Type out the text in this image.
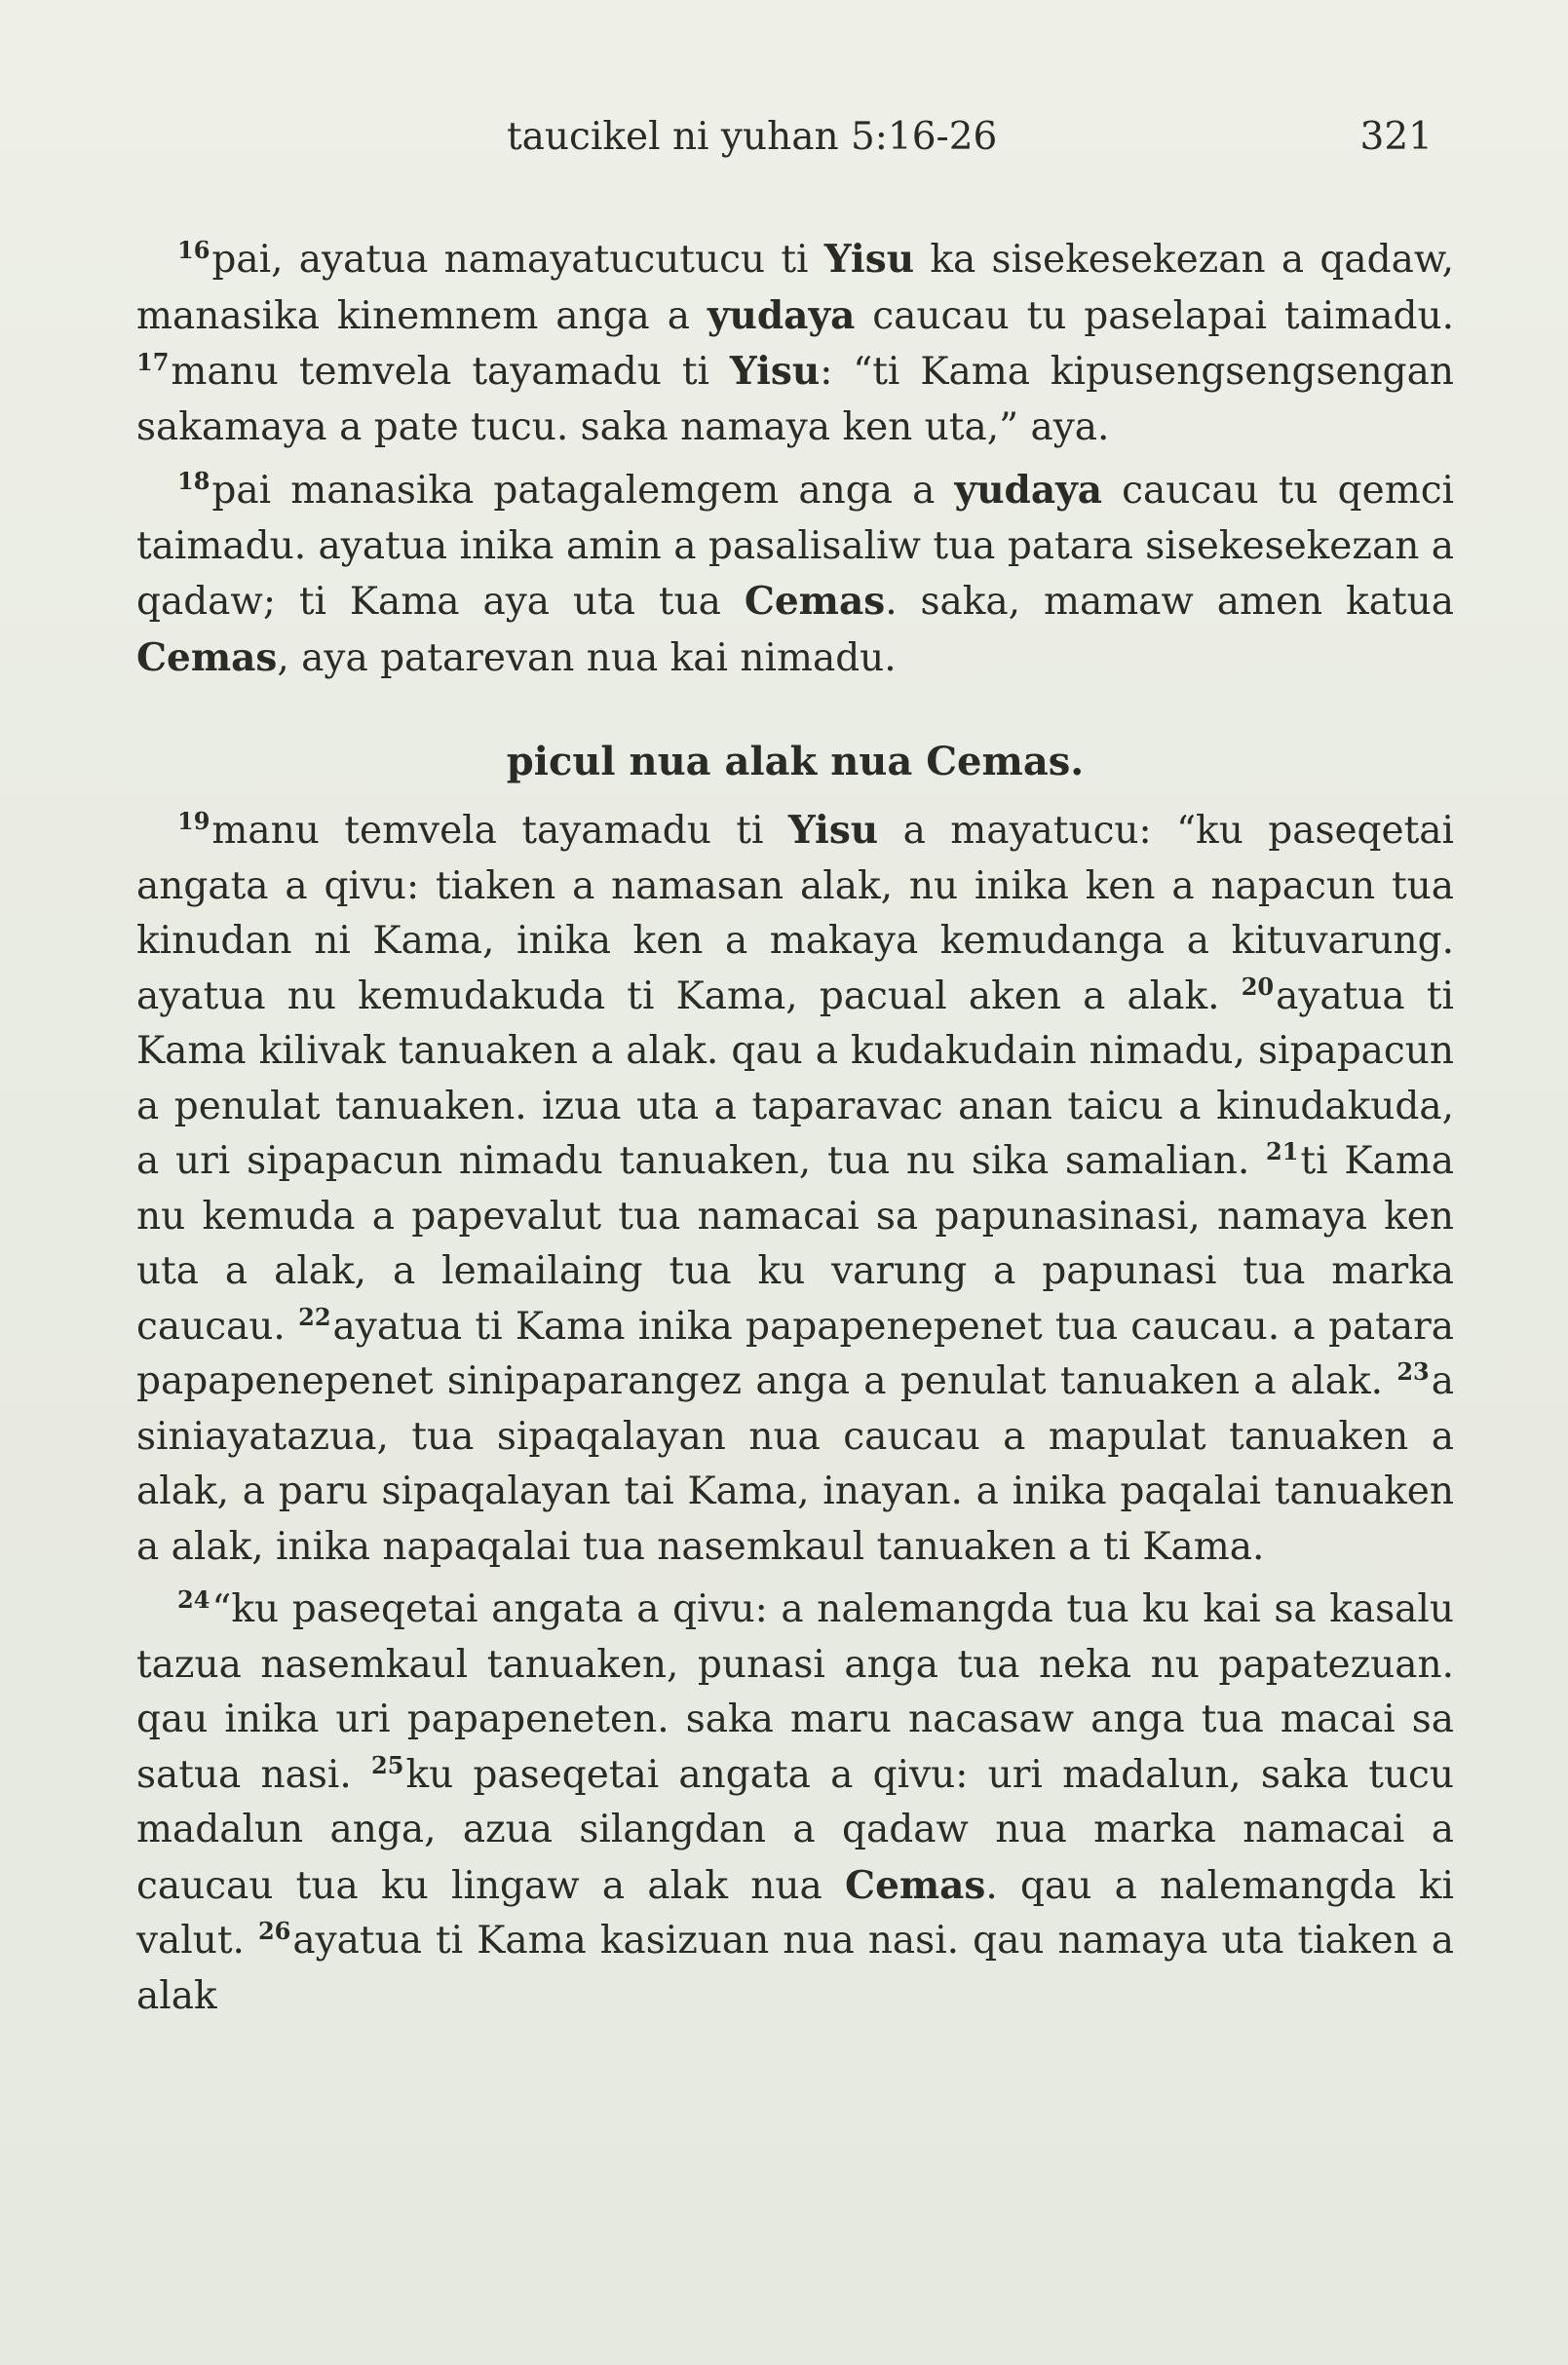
taucikel ni yuhan 5:16-26	321

$^{16}$pai, ayatua namayatucutucu ti Yisu ka sisekesekezan a qadaw, manasika kinemnem anga a yudaya caucau tu paselapai taimadu. $^{17}$manu temvela tayamadu ti Yisu: “ti Kama kipusengsengsengan sakamaya a pate tucu. saka namaya ken uta,” aya.

$^{18}$pai manasika patagalemgem anga a yudaya caucau tu qemci taimadu. ayatua inika amin a pasalisaliw tua patara sisekesekezan a qadaw; ti Kama aya uta tua Cemas. saka, mamaw amen katua Cemas, aya patarevan nua kai nimadu.

picul nua alak nua Cemas.

$^{19}$manu temvela tayamadu ti Yisu a mayatucu: “ku paseqetai angata a qivu: tiaken a namasan alak, nu inika ken a napacun tua kinudan ni Kama, inika ken a makaya kemudanga a kituvarung. ayatua nu kemudakuda ti Kama, pacual aken a alak. $^{20}$ayatua ti Kama kilivak tanuaken a alak. qau a kudakudain nimadu, sipapacun a penulat tanuaken. izua uta a taparavac anan taicu a kinudakuda, a uri sipapacun nimadu tanuaken, tua nu sika samalian. $^{21}$ti Kama nu kemuda a papevalut tua namacai sa papunasinasi, namaya ken uta a alak, a lemailaing tua ku varung a papunasi tua marka caucau. $^{22}$ayatua ti Kama inika papapenepenet tua caucau. a patara papapenepenet sinipaparangez anga a penulat tanuaken a alak. $^{23}$a siniayatazua, tua sipaqalayan nua caucau a mapulat tanuaken a alak, a paru sipaqalayan tai Kama, inayan. a inika paqalai tanuaken a alak, inika napaqalai tua nasemkaul tanuaken a ti Kama.

$^{24}$“ku paseqetai angata a qivu: a nalemangda tua ku kai sa kasalu tazua nasemkaul tanuaken, punasi anga tua neka nu papatezuan. qau inika uri papapeneten. saka maru nacasaw anga tua macai sa satua nasi. $^{25}$ku paseqetai angata a qivu: uri madalun, saka tucu madalun anga, azua silangdan a qadaw nua marka namacai a caucau tua ku lingaw a alak nua Cemas. qau a nalemangda ki valut. $^{26}$ayatua ti Kama kasizuan nua nasi. qau namaya uta tiaken a alak
